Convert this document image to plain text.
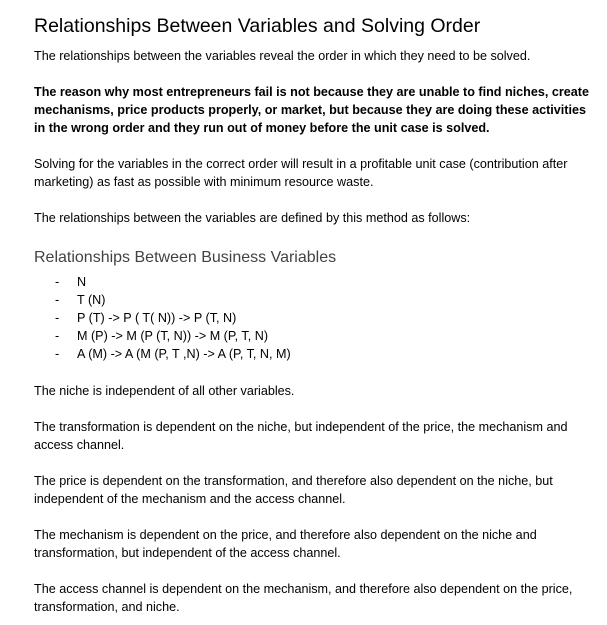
Relationships Between Variables and Solving Order

The relationships between the variables reveal the order in which they need to be solved.

The reason why most entrepreneurs fail is not because they are unable to find niches, create mechanisms, price products properly, or market, but because they are doing these activities in the wrong order and they run out of money before the unit case is solved.

Solving for the variables in the correct order will result in a profitable unit case (contribution after marketing) as fast as possible with minimum resource waste.

The relationships between the variables are defined by this method as follows:

Relationships Between Business Variables
- N
- T (N)
- P (T) -> P ( T( N)) -> P (T, N)
- M (P) -> M (P (T, N)) -> M (P, T, N)
- A (M) -> A (M (P, T ,N) -> A (P, T, N, M)

The niche is independent of all other variables.

The transformation is dependent on the niche, but independent of the price, the mechanism and access channel.

The price is dependent on the transformation, and therefore also dependent on the niche, but independent of the mechanism and the access channel.

The mechanism is dependent on the price, and therefore also dependent on the niche and transformation, but independent of the access channel.

The access channel is dependent on the mechanism, and therefore also dependent on the price, transformation, and niche.
